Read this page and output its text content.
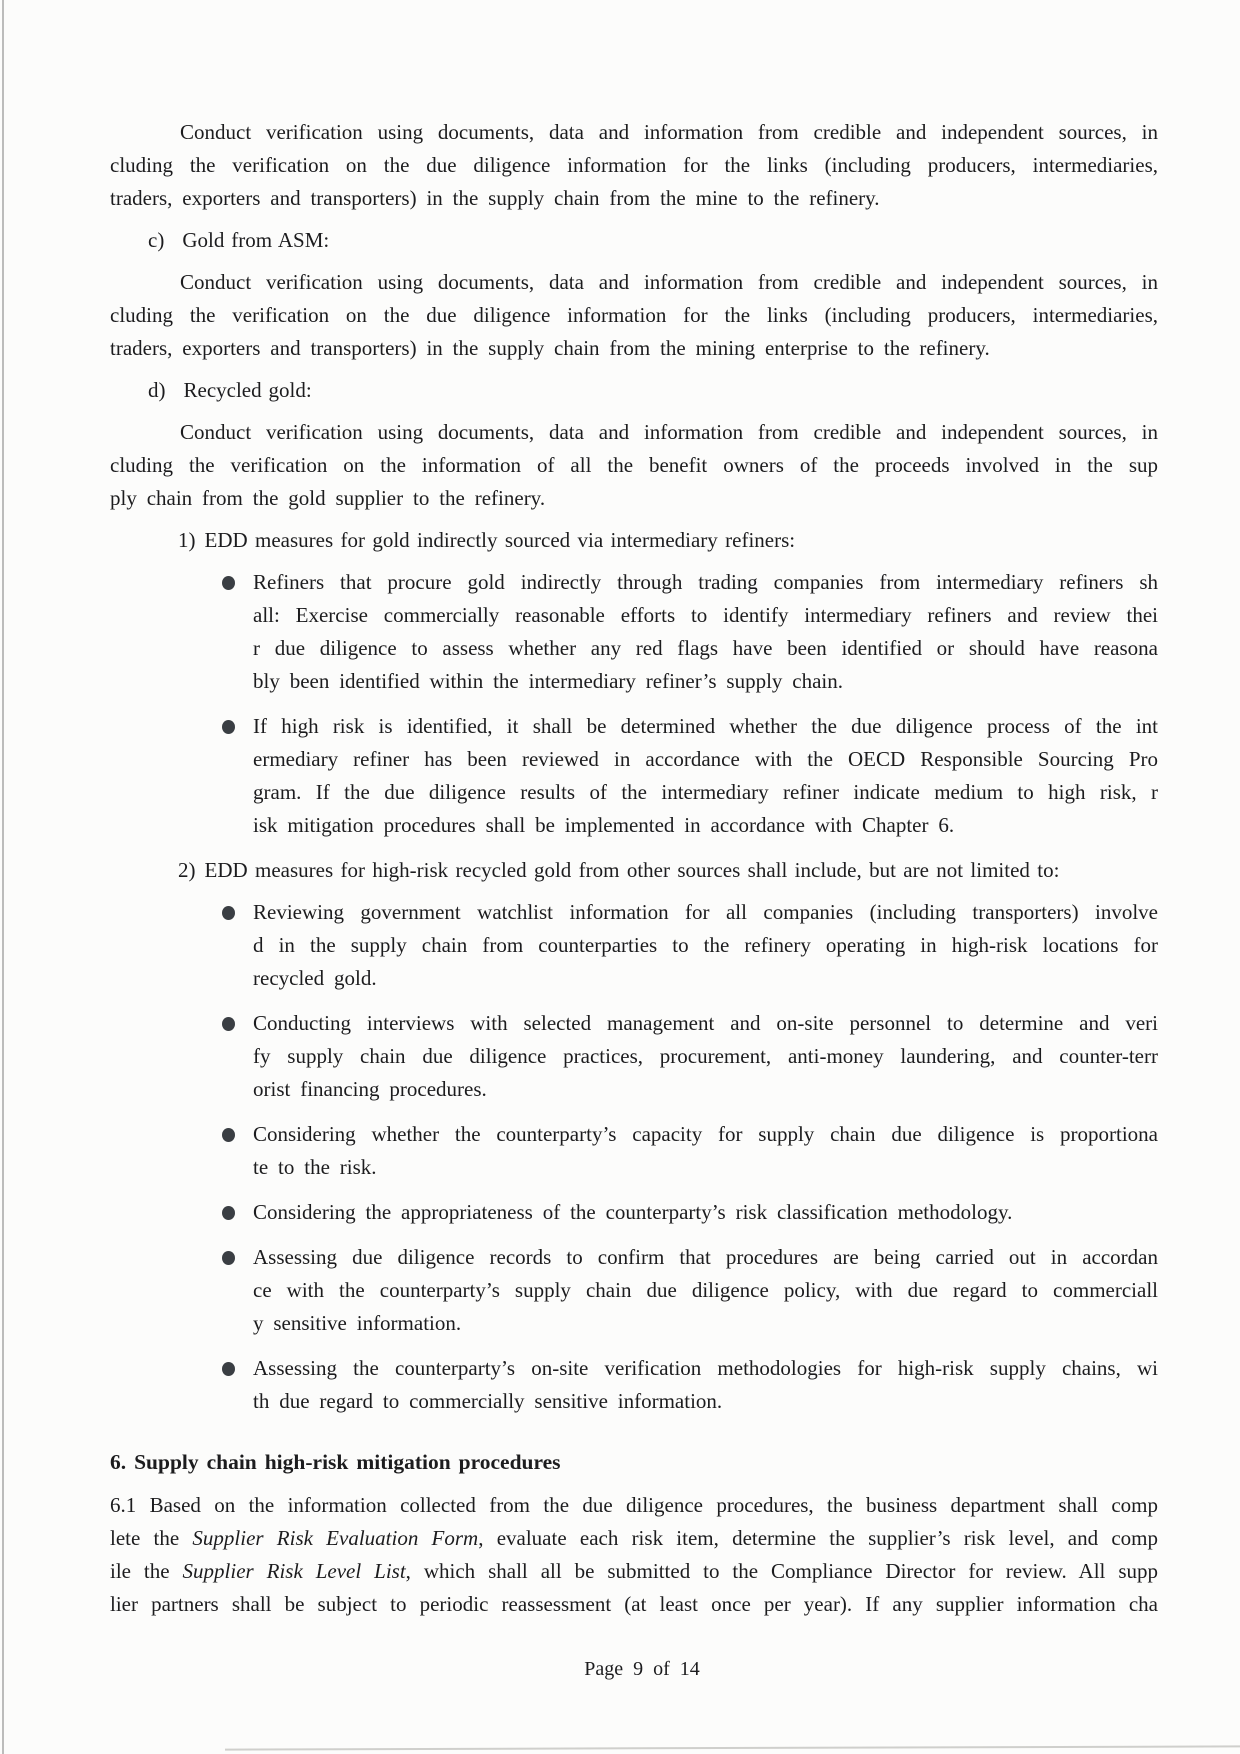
Conduct verification using documents, data and information from credible and independent sources, in
cluding the verification on the due diligence information for the links (including producers, intermediaries,
traders, exporters and transporters) in the supply chain from the mine to the refinery.
c) Gold from ASM:
Conduct verification using documents, data and information from credible and independent sources, in
cluding the verification on the due diligence information for the links (including producers, intermediaries,
traders, exporters and transporters) in the supply chain from the mining enterprise to the refinery.
d) Recycled gold:
Conduct verification using documents, data and information from credible and independent sources, in
cluding the verification on the information of all the benefit owners of the proceeds involved in the sup
ply chain from the gold supplier to the refinery.
1) EDD measures for gold indirectly sourced via intermediary refiners:
Refiners that procure gold indirectly through trading companies from intermediary refiners sh
all: Exercise commercially reasonable efforts to identify intermediary refiners and review thei
r due diligence to assess whether any red flags have been identified or should have reasona
bly been identified within the intermediary refiner’s supply chain.
If high risk is identified, it shall be determined whether the due diligence process of the int
ermediary refiner has been reviewed in accordance with the OECD Responsible Sourcing Pro
gram. If the due diligence results of the intermediary refiner indicate medium to high risk, r
isk mitigation procedures shall be implemented in accordance with Chapter 6.
2) EDD measures for high-risk recycled gold from other sources shall include, but are not limited to:
Reviewing government watchlist information for all companies (including transporters) involve
d in the supply chain from counterparties to the refinery operating in high-risk locations for
recycled gold.
Conducting interviews with selected management and on-site personnel to determine and veri
fy supply chain due diligence practices, procurement, anti-money laundering, and counter-terr
orist financing procedures.
Considering whether the counterparty’s capacity for supply chain due diligence is proportiona
te to the risk.
Considering the appropriateness of the counterparty’s risk classification methodology.
Assessing due diligence records to confirm that procedures are being carried out in accordan
ce with the counterparty’s supply chain due diligence policy, with due regard to commerciall
y sensitive information.
Assessing the counterparty’s on-site verification methodologies for high-risk supply chains, wi
th due regard to commercially sensitive information.
6. Supply chain high-risk mitigation procedures
6.1 Based on the information collected from the due diligence procedures, the business department shall comp
lete the Supplier Risk Evaluation Form, evaluate each risk item, determine the supplier’s risk level, and comp
ile the Supplier Risk Level List, which shall all be submitted to the Compliance Director for review. All supp
lier partners shall be subject to periodic reassessment (at least once per year). If any supplier information cha
Page 9 of 14
